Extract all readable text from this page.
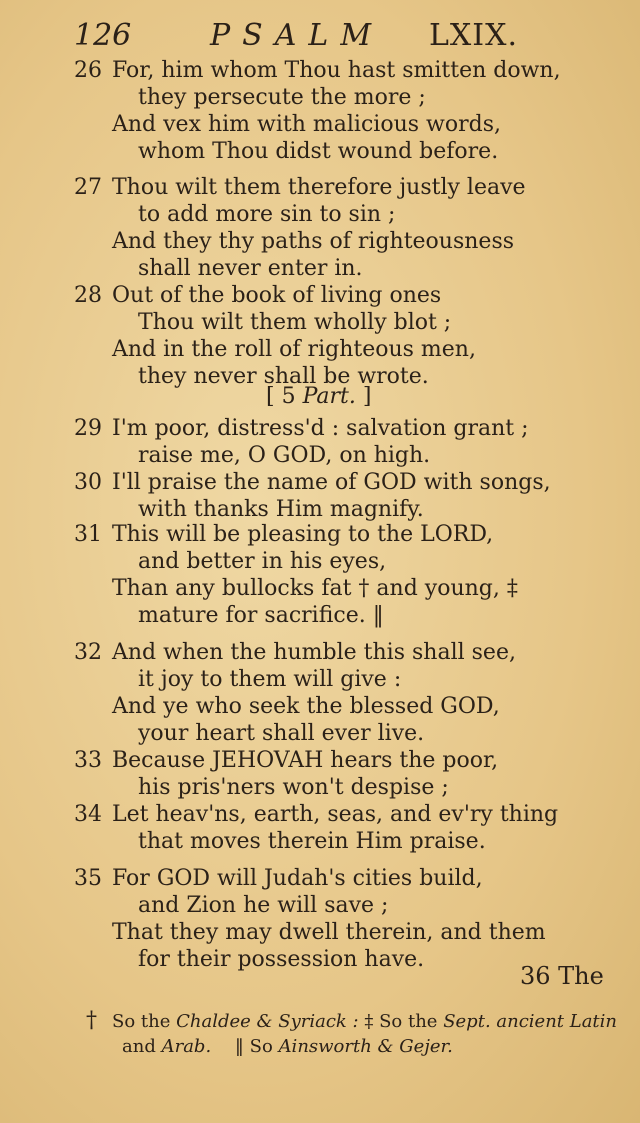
126	PSALM LXIX.
26 For, him whom Thou hast smitten down,
they persecute the more ;
And vex him with malicious words,
whom Thou didst wound before.
27 Thou wilt them therefore justly leave
to add more sin to sin ;
And they thy paths of righteousness
shall never enter in.
28 Out of the book of living ones
Thou wilt them wholly blot ;
And in the roll of righteous men,
they never shall be wrote.
[ 5 Part. ]
29 I'm poor, distress'd : salvation grant ;
raise me, O GOD, on high.
30 I'll praise the name of GOD with songs,
with thanks Him magnify.
31 This will be pleasing to the LORD,
and better in his eyes,
Than any bullocks fat † and young, ‡
mature for sacrifice. ‖
32 And when the humble this shall see,
it joy to them will give :
And ye who seek the blessed GOD,
your heart shall ever live.
33 Because JEHOVAH hears the poor,
his pris'ners won't despise ;
34 Let heav'ns, earth, seas, and ev'ry thing
that moves therein Him praise.
35 For GOD will Judah's cities build,
and Zion he will save ;
That they may dwell therein, and them
for their possession have.
36 The
† So the Chaldee & Syriack : ‡ So the Sept. ancient Latin
and Arab. ‖ So Ainsworth & Gejer.
